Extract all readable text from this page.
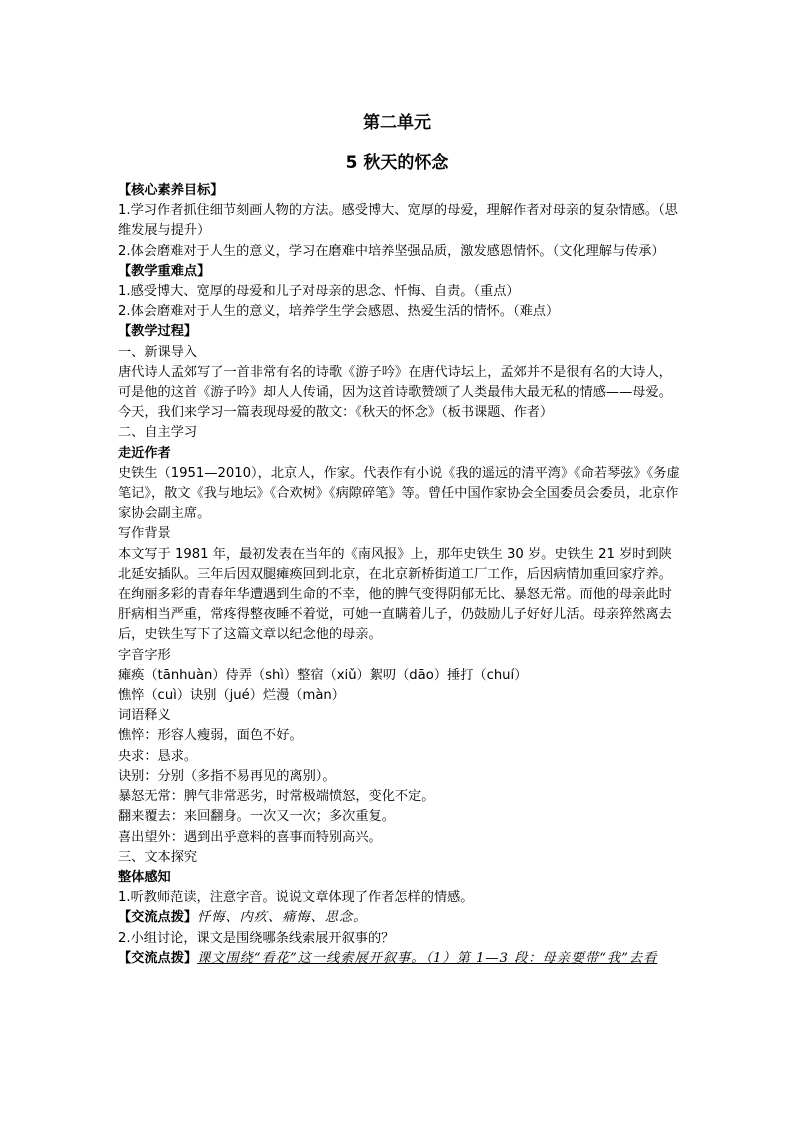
第二单元
5 秋天的怀念

【核心素养目标】

1.学习作者抓住细节刻画人物的方法。感受博大、宽厚的母爱，理解作者对母亲的复杂情感。（思维发展与提升）

2.体会磨难对于人生的意义，学习在磨难中培养坚强品质，激发感恩情怀。（文化理解与传承）

【教学重难点】

1.感受博大、宽厚的母爱和儿子对母亲的思念、忏悔、自责。（重点）

2.体会磨难对于人生的意义，培养学生学会感恩、热爱生活的情怀。（难点）

【教学过程】

一、新课导入

唐代诗人孟郊写了一首非常有名的诗歌《游子吟》在唐代诗坛上，孟郊并不是很有名的大诗人，可是他的这首《游子吟》却人人传诵，因为这首诗歌赞颂了人类最伟大最无私的情感——母爱。今天，我们来学习一篇表现母爱的散文：《秋天的怀念》（板书课题、作者）

二、自主学习

走近作者

史铁生（1951—2010），北京人，作家。代表作有小说《我的遥远的清平湾》《命若琴弦》《务虚笔记》，散文《我与地坛》《合欢树》《病隙碎笔》等。曾任中国作家协会全国委员会委员，北京作家协会副主席。

写作背景

本文写于 1981 年，最初发表在当年的《南风报》上，那年史铁生 30 岁。史铁生 21 岁时到陕北延安插队。三年后因双腿瘫痪回到北京，在北京新桥街道工厂工作，后因病情加重回家疗养。在绚丽多彩的青春年华遭遇到生命的不幸，他的脾气变得阴郁无比、暴怒无常。而他的母亲此时肝病相当严重，常疼得整夜睡不着觉，可她一直瞒着儿子，仍鼓励儿子好好儿活。母亲猝然离去后，史铁生写下了这篇文章以纪念他的母亲。

字音字形

瘫痪（tānhuàn）侍弄（shì）整宿（xiǔ）絮叨（dāo）捶打（chuí）

憔悴（cuì）诀别（jué）烂漫（màn）

词语释义

憔悴：形容人瘦弱，面色不好。

央求：恳求。

诀别：分别（多指不易再见的离别）。

暴怒无常：脾气非常恶劣，时常极端愤怒，变化不定。

翻来覆去：来回翻身。一次又一次；多次重复。

喜出望外：遇到出乎意料的喜事而特别高兴。

三、文本探究

整体感知

1.听教师范读，注意字音。说说文章体现了作者怎样的情感。

【交流点拨】忏悔、内疚、痛悔、思念。

2.小组讨论，课文是围绕哪条线索展开叙事的？

【交流点拨】课文围绕“看花”这一线索展开叙事。（1）第 1—3 段：母亲要带“我”去看
